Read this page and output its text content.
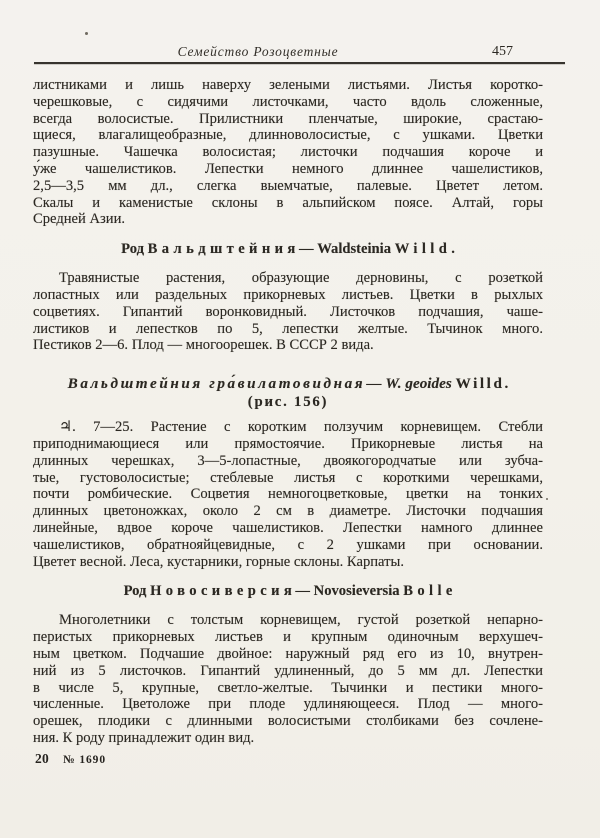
Семейство Розоцветные	457
листниками и лишь наверху зелеными листьями. Листья коротко-
черешковые, с сидячими листочками, часто вдоль сложенные,
всегда волосистые. Прилистники пленчатые, широкие, срастаю-
щиеся, влагалищеобразные, длинноволосистые, с ушками. Цветки
пазушные. Чашечка волосистая; листочки подчашия короче и
у́же чашелистиков. Лепестки немного длиннее чашелистиков,
2,5—3,5 мм дл., слегка выемчатые, палевые. Цветет летом.
Скалы и каменистые склоны в альпийском поясе. Алтай, горы
Средней Азии.
Род Вальдштейния — Waldsteinia Willd.
Травянистые растения, образующие дерновины, с розеткой
лопастных или раздельных прикорневых листьев. Цветки в рыхлых
соцветиях. Гипантий воронковидный. Листочков подчашия, чаше-
листиков и лепестков по 5, лепестки желтые. Тычинок много.
Пестиков 2—6. Плод — многоорешек. В СССР 2 вида.
Вальдштейния гра́вилатовидная — W. geoides Willd.
(рис. 156)
♃. 7—25. Растение с коротким ползучим корневищем. Стебли
приподнимающиеся или прямостоячие. Прикорневые листья на
длинных черешках, 3—5-лопастные, двоякогородчатые или зубча-
тые, густоволосистые; стеблевые листья с короткими черешками,
почти ромбические. Соцветия немногоцветковые, цветки на тонких
длинных цветоножках, около 2 см в диаметре. Листочки подчашия
линейные, вдвое короче чашелистиков. Лепестки намного длиннее
чашелистиков, обратнояйцевидные, с 2 ушками при основании.
Цветет весной. Леса, кустарники, горные склоны. Карпаты.
Род Новосиверсия — Novosieversia Bolle
Многолетники с толстым корневищем, густой розеткой непарно-
перистых прикорневых листьев и крупным одиночным верхушеч-
ным цветком. Подчашие двойное: наружный ряд его из 10, внутрен-
ний из 5 листочков. Гипантий удлиненный, до 5 мм дл. Лепестки
в числе 5, крупные, светло-желтые. Тычинки и пестики много-
численные. Цветоложе при плоде удлиняющееся. Плод — много-
орешек, плодики с длинными волосистыми столбиками без сочлене-
ния. К роду принадлежит один вид.
20 № 1690
